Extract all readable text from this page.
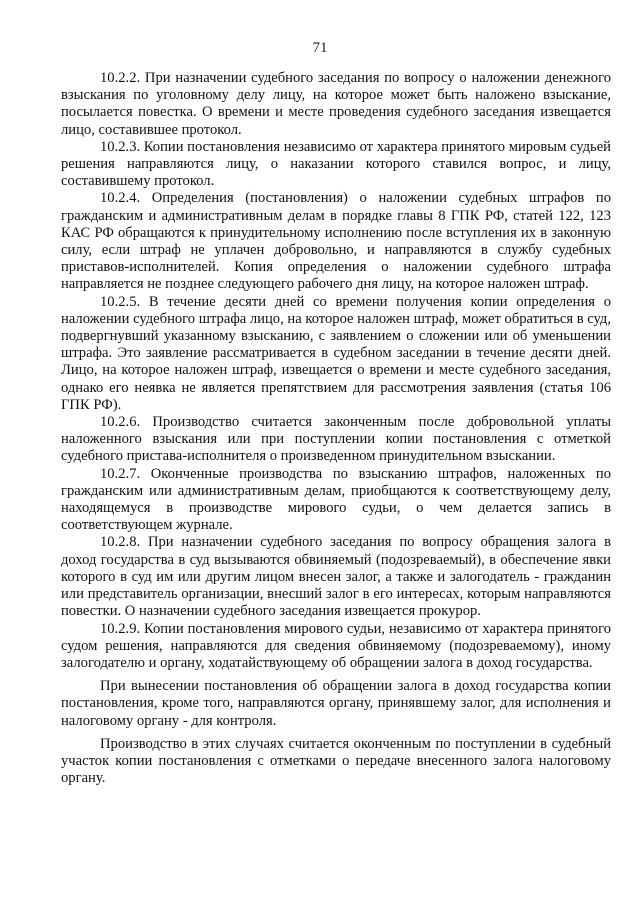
71

10.2.2. При назначении судебного заседания по вопросу о наложении денежного взыскания по уголовному делу лицу, на которое может быть наложено взыскание, посылается повестка. О времени и месте проведения судебного заседания извещается лицо, составившее протокол.

10.2.3. Копии постановления независимо от характера принятого мировым судьей решения направляются лицу, о наказании которого ставился вопрос, и лицу, составившему протокол.

10.2.4. Определения (постановления) о наложении судебных штрафов по гражданским и административным делам в порядке главы 8 ГПК РФ, статей 122, 123 КАС РФ обращаются к принудительному исполнению после вступления их в законную силу, если штраф не уплачен добровольно, и направляются в службу судебных приставов-исполнителей. Копия определения о наложении судебного штрафа направляется не позднее следующего рабочего дня лицу, на которое наложен штраф.

10.2.5. В течение десяти дней со времени получения копии определения о наложении судебного штрафа лицо, на которое наложен штраф, может обратиться в суд, подвергнувший указанному взысканию, с заявлением о сложении или об уменьшении штрафа. Это заявление рассматривается в судебном заседании в течение десяти дней. Лицо, на которое наложен штраф, извещается о времени и месте судебного заседания, однако его неявка не является препятствием для рассмотрения заявления (статья 106 ГПК РФ).

10.2.6. Производство считается законченным после добровольной уплаты наложенного взыскания или при поступлении копии постановления с отметкой судебного пристава-исполнителя о произведенном принудительном взыскании.

10.2.7. Оконченные производства по взысканию штрафов, наложенных по гражданским или административным делам, приобщаются к соответствующему делу, находящемуся в производстве мирового судьи, о чем делается запись в соответствующем журнале.

10.2.8. При назначении судебного заседания по вопросу обращения залога в доход государства в суд вызываются обвиняемый (подозреваемый), в обеспечение явки которого в суд им или другим лицом внесен залог, а также и залогодатель - гражданин или представитель организации, внесший залог в его интересах, которым направляются повестки. О назначении судебного заседания извещается прокурор.

10.2.9. Копии постановления мирового судьи, независимо от характера принятого судом решения, направляются для сведения обвиняемому (подозреваемому), иному залогодателю и органу, ходатайствующему об обращении залога в доход государства.

При вынесении постановления об обращении залога в доход государства копии постановления, кроме того, направляются органу, принявшему залог, для исполнения и налоговому органу - для контроля.

Производство в этих случаях считается оконченным по поступлении в судебный участок копии постановления с отметками о передаче внесенного залога налоговому органу.
